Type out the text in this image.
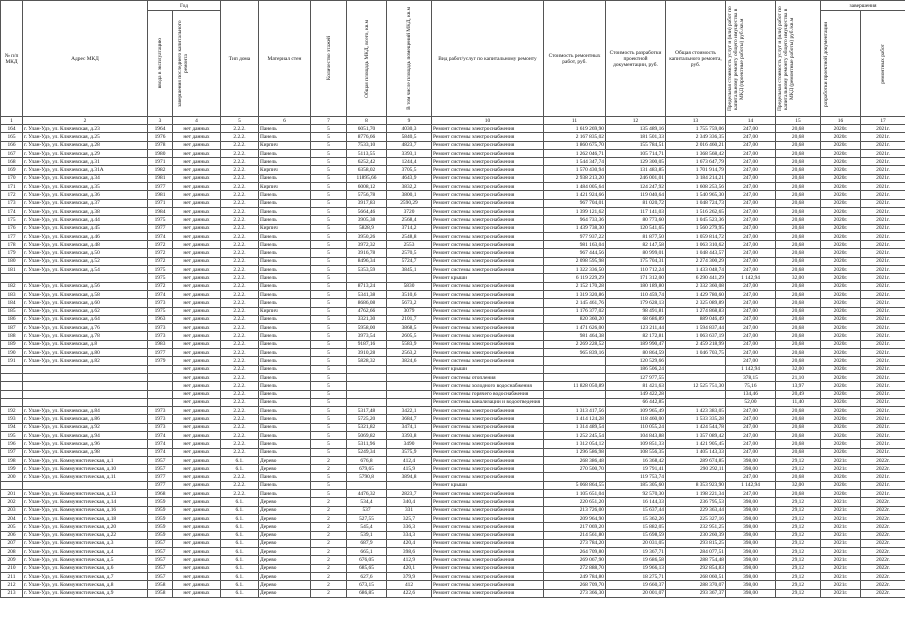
№ п/п МКД	Адрес МКД	Год		Тип дома	Материал стен	Количество этажей	Общая площадь МКД, всего, кв.м	В том числе площадь помещений МКД, кв.м	Вид работ/услуг по капитальному ремонту	Стоимость ремонтных работ, руб.	Стоимость разработки проектной документации, руб.	Общая стоимость капитального ремонта, руб.	Предельная стоимость услуг и (или) работ по капитальному ремонту общего имущества в МКД (проектные работы) руб./кв.м	Предельная стоимость услуг и (или) работ по капитальному ремонту общего имущества в МКД (ремонтные работы) руб./кв.м	завершения	

		ввода в эксплуатацию	завершения последнего капитального ремонта												разработки проектной документации	ремонтных работ

1	2	3	4	5	6	7	8	9	10	11	12	13	14	15	16	17
164	г. Улан-Удэ, ул. Ключевская, д.23	1964	нет данных	2.2.2.	Панель	5	6051,70	4030,3	Ремонт системы электроснабжения	1 619 269,90	135 489,16	1 755 759,06	247,00	20,68	2020г.	2021г.
165	г. Улан-Удэ, ул. Ключевская, д.25	1976	нет данных	2.2.2.	Панель	5	8776,66	5840,5	Ремонт системы электроснабжения	2 167 835,02	181 501,33	2 349 336,35	247,00	20,68	2020г.	2021г.
166	г. Улан-Удэ, ул. Ключевская, д.28	1978	нет данных	2.2.2.	Кирпич	5	7533,10	4823,7	Ремонт системы электроснабжения	1 860 675,70	155 784,51	2 016 460,21	247,00	20,68	2020г.	2021г.
167	г. Улан-Удэ, ул. Ключевская, д.29	1980	нет данных	2.2.2.	Панель	5	5113,55	3393,1	Ремонт системы электроснабжения	1 262 046,71	105 714,71	1 368 568,42	247,00	20,68	2020г.	2021г.
168	г. Улан-Удэ, ул. Ключевская, д.31	1971	нет данных	2.2.2.	Панель	5	6252,42	1244,4	Ремонт системы электроснабжения	1 544 347,74	129 300,05	1 673 647,79	247,00	20,68	2020г.	2021г.
169	г. Улан-Удэ, ул. Ключевская, д.31А	1982	нет данных	2.2.2.	Кирпич	5	6358,02	3705,5	Ремонт системы электроснабжения	1 570 430,94	131 483,85	1 701 914,79	247,00	20,68	2020г.	2021г.
170	г. Улан-Удэ, ул. Ключевская, д.34	1981	нет данных	2.2.2.	Панель	5	11895,66	4643,9	Ремонт системы электроснабжения	2 938 213,20	246 001,01	3 184 214,21	247,00	20,68	2020г.	2021г.
171	г. Улан-Удэ, ул. Ключевская, д.35	1977	нет данных	2.2.2.	Кирпич	5	6008,12	3832,2	Ремонт системы электроснабжения	1 484 005,64	124 247,92	1 608 253,56	247,00	20,68	2020г.	2021г.
172	г. Улан-Удэ, ул. Ключевская, д.36	1981	нет данных	2.2.2.	Панель	5	5756,78	3800,1	Ремонт системы электроснабжения	1 421 924,66	119 040,64	1 540 965,30	247,00	20,68	2020г.	2021г.
173	г. Улан-Удэ, ул. Ключевская, д.37	1971	нет данных	2.2.2.	Панель	5	3917,83	2590,29	Ремонт системы электроснабжения	967 704,01	81 020,72	1 048 724,73	247,00	20,68	2020г.	2021г.
174	г. Улан-Удэ, ул. Ключевская, д.38	1984	нет данных	2.2.2.	Панель	5	5664,46	3720	Ремонт системы электроснабжения	1 399 121,62	117 141,03	1 516 262,65	247,00	20,68	2020г.	2021г.
175	г. Улан-Удэ, ул. Ключевская, д.44	1975	нет данных	2.2.2.	Панель	5	3905,38	2568,4	Ремонт системы электроснабжения	964 733,36	80 773,60	1 045 523,36	247,00	20,68	2020г.	2021г.
176	г. Улан-Удэ, ул. Ключевская, д.45	1977	нет данных	2.2.2.	Кирпич	5	5828,9	3714,2	Ремонт системы электроснабжения	1 439 738,30	120 541,65	1 560 279,95	247,00	20,68	2020г.	2021г.
177	г. Улан-Удэ, ул. Ключевская, д.46	1974	нет данных	2.2.2.	Панель	5	3950,26	2548,8	Ремонт системы электроснабжения	977 937,22	81 877,50	1 059 814,72	247,00	20,68	2020г.	2021г.
178	г. Улан-Удэ, ул. Ключевская, д.48	1972	нет данных	2.2.2.	Панель	5	3972,32	2553	Ремонт системы электроснабжения	981 163,04	82 147,58	1 063 310,62	247,00	20,68	2020г.	2021г.
179	г. Улан-Удэ, ул. Ключевская, д.50	1972	нет данных	2.2.2.	Панель	5	3916,78	2570,5	Ремонт системы электроснабжения	967 444,56	80 999,01	1 048 443,57	247,00	20,68	2020г.	2021г.
180	г. Улан-Удэ, ул. Ключевская, д.52	1972	нет данных	2.2.2.	Панель	5	8496,34	5724,7	Ремонт системы электроснабжения	2 098 595,98	175 704,31	2 274 300,29	247,00	20,68	2020г.	2021г.
181	г. Улан-Удэ, ул. Ключевская, д.54	1975	нет данных	2.2.2.	Панель	5	5353,59	3845,1	Ремонт системы электроснабжения	1 322 336,50	110 712,24	1 433 048,74	247,00	20,68	2020г.	2021г.
		1975	нет данных	2.2.2.	Панель	5			Ремонт крыши	6 119 229,29	171 312,00	6 290 441,29	1 142,94	32,00	2020г.	2021г.
182	г. Улан-Удэ, ул. Ключевская, д.56	1972	нет данных	2.2.2.	Панель	5	8713,24	5830	Ремонт системы электроснабжения	2 152 170,28	180 189,80	2 332 360,08	247,00	20,68	2020г.	2021г.
183	г. Улан-Удэ, ул. Ключевская, д.58	1974	нет данных	2.2.2.	Панель	5	5341,38	3510,6	Ремонт системы электроснабжения	1 319 320,86	110 459,74	1 429 780,60	247,00	20,68	2020г.	2021г.
184	г. Улан-Удэ, ул. Ключевская, д.60	1973	нет данных	2.2.2.	Панель	5	8686,08	5673,2	Ремонт системы электроснабжения	2 145 461,76	179 628,13	2 325 089,89	247,00	20,68	2020г.	2021г.
185	г. Улан-Удэ, ул. Ключевская, д.62	1975	нет данных	2.2.2.	Кирпич	5	4762,66	3079	Ремонт системы электроснабжения	1 176 377,02	98 491,81	1 274 868,83	247,00	20,68	2020г.	2021г.
186	г. Улан-Удэ, ул. Ключевская, д.64	1963	нет данных	2.2.2.	Панель	5	3321,30	2101,7	Ремонт системы электроснабжения	820 360,20	68 686,89	889 046,49	247,00	20,68	2020г.	2021г.
187	г. Улан-Удэ, ул. Ключевская, д.76	1973	нет данных	2.2.2.	Панель	5	5958,00	3868,5	Ремонт системы электроснабжения	1 471 626,00	123 211,44	1 594 837,44	247,00	20,68	2020г.	2021г.
188	г. Улан-Удэ, ул. Ключевская, д.78	1973	нет данных	2.2.2.	Панель	5	3973,54	2605,5	Ремонт системы электроснабжения	981 464,38	82 172,81	1 063 637,19	247,00	20,68	2020г.	2021г.
189	г. Улан-Удэ, ул. Ключевская, д.8	1983	нет данных	2.2.2.	Панель	5	9187,16	5583,9	Ремонт системы электроснабжения	2 269 228,52	189 990,47	2 459 218,99	247,00	20,68	2020г.	2021г.
190	г. Улан-Удэ, ул. Ключевская, д.80	1977	нет данных	2.2.2.	Панель	5	3910,28	2563,2	Ремонт системы электроснабжения	965 839,16	80 864,59	1 046 703,75	247,00	20,68	2020г.	2021г.
191	г. Улан-Удэ, ул. Ключевская, д.82	1979	нет данных	2.2.2.	Панель	5	5828,32	3824,6	Ремонт системы электроснабжения		120 529,66		247,00	20,68	2020г.	2021г.
			нет данных	2.2.2.	Панель	5			Ремонт крыши		186 506,24		1 142,94	32,00	2020г.	2021г.
			нет данных	2.2.2.	Панель	5			Ремонт системы отопления		127 977,55		378,15	21,10	2020г.	2021г.
			нет данных	2.2.2.	Панель	5			Ремонт системы холодного водоснабжения	11 828 050,89	81 421,63	12 525 751,30	75,16	13,97	2020г.	2021г.
			нет данных	2.2.2.	Панель	5			Ремонт системы горячего водоснабжения		149 422,28		134,46	20,49	2020г.	2021г.
			нет данных	2.2.2.	Панель	5			Ремонт системы канализации и водоотведения		66 442,85		52,00	11,40	2020г.	2021г.
192	г. Улан-Удэ, ул. Ключевская, д.84	1973	нет данных	2.2.2.	Панель	5	5317,48	3422,1	Ремонт системы электроснабжения	1 313 417,56	109 965,49	1 423 383,05	247,00	20,68	2020г.	2021г.
193	г. Улан-Удэ, ул. Ключевская, д.86	1973	нет данных	2.2.2.	Панель	5	5725,20	3684,7	Ремонт системы электроснабжения	1 414 124,28	118 460,00	1 533 335,28	247,00	20,68	2020г.	2021г.
194	г. Улан-Удэ, ул. Ключевская, д.92	1973	нет данных	2.2.2.	Панель	5	5321,82	3474,1	Ремонт системы электроснабжения	1 314 489,54	110 055,24	1 424 544,78	247,00	20,68	2020г.	2021г.
195	г. Улан-Удэ, ул. Ключевская, д.94	1974	нет данных	2.2.2.	Панель	5	5069,82	3393,8	Ремонт системы электроснабжения	1 252 245,54	104 843,88	1 357 089,42	247,00	20,68	2020г.	2021г.
196	г. Улан-Удэ, ул. Ключевская, д.96	1974	нет данных	2.2.2.	Панель	5	5311,96	3490	Ремонт системы электроснабжения	1 312 054,12	109 851,33	1 421 905,45	247,00	20,68	2020г.	2021г.
197	г. Улан-Удэ, ул. Ключевская, д.98	1974	нет данных	2.2.2.	Панель	5	5249,34	3575,9	Ремонт системы электроснабжения	1 296 586,98	108 556,35	1 405 143,33	247,00	20,68	2020г.	2021г.
198	г. Улан-Удэ, ул. Коммунистическая, д.1	1957	нет данных	6.1.	Дерево	2	676,8	412,4	Ремонт системы электроснабжения	268 386,48	16 368,42	289 674,85	398,00	29,12	2021г.	2022г.
199	г. Улан-Удэ, ул. Коммунистическая, д.10	1957	нет данных	6.1.	Дерево	2	679,65	415,9	Ремонт системы электроснабжения	270 500,70	19 791,41	290 292,11	398,00	29,12	2021г.	2022г.
200	г. Улан-Удэ, ул. Коммунистическая, д.11	1977	нет данных	2.2.2.	Панель	5	5790,8	3894,8	Ремонт системы электроснабжения		119 753,74		247,00	20,68	2020г.	2021г.
		1977	нет данных	2.2.2.	Панель	5			Ремонт крыши	5 068 864,55	185 305,60	8 353 923,90	1 142,94	32,00	2020г.	2021г.
201	г. Улан-Удэ, ул. Коммунистическая, д.13	1968	нет данных	2.2.2.	Панель	5	4476,32	2823,7	Ремонт системы электроснабжения	1 105 651,04	92 570,30	1 198 221,34	247,00	20,68	2020г.	2021г.
202	г. Улан-Удэ, ул. Коммунистическая, д.14	1959	нет данных	6.1.	Дерево	2	534,4	340,4	Ремонт системы электроснабжения	220 651,20	16 144,33	236 795,53	398,00	29,12	2021г.	2022г.
203	г. Улан-Удэ, ул. Коммунистическая, д.16	1959	нет данных	6.1.	Дерево	2	537	331	Ремонт системы электроснабжения	213 726,00	15 637,44	229 363,44	398,00	29,12	2021г.	2022г.
204	г. Улан-Удэ, ул. Коммунистическая, д.18	1959	нет данных	6.1.	Дерево	2	527,55	325,7	Ремонт системы электроснабжения	209 964,90	15 362,26	225 327,16	398,00	29,12	2021г.	2022г.
205	г. Улан-Удэ, ул. Коммунистическая, д.20	1959	нет данных	6.1.	Дерево	2	545,4	336,3	Ремонт системы электроснабжения	217 069,20	15 882,05	232 951,25	398,00	29,12	2021г.	2022г.
206	г. Улан-Удэ, ул. Коммунистическая, д.22	1959	нет данных	6.1.	Дерево	2	539,1	334,3	Ремонт системы электроснабжения	214 561,80	15 698,59	230 260,39	398,00	29,12	2021г.	2022г.
207	г. Улан-Удэ, ул. Коммунистическая, д.3	1957	нет данных	6.1.	Дерево	2	687,9	420,4	Ремонт системы электроснабжения	273 784,20	20 031,05	293 815,25	398,00	29,12	2021г.	2022г.
208	г. Улан-Удэ, ул. Коммунистическая, д.4	1957	нет данных	6.1.	Дерево	2	665,1	398,6	Ремонт системы электроснабжения	264 709,80	19 367,71	284 077,51	398,00	29,12	2021г.	2022г.
209	г. Улан-Удэ, ул. Коммунистическая, д.5	1957	нет данных	6.1.	Дерево	2	676,05	412,9	Ремонт системы электроснабжения	269 067,90	19 686,58	288 754,48	398,00	29,12	2021г.	2022г.
210	г. Улан-Удэ, ул. Коммунистическая, д.6	1957	нет данных	6.1.	Дерево	2	685,65	420,1	Ремонт системы электроснабжения	272 888,70	19 966,13	292 854,83	398,00	29,12	2021г.	2022г.
211	г. Улан-Удэ, ул. Коммунистическая, д.7	1957	нет данных	6.1.	Дерево	2	627,6	379,9	Ремонт системы электроснабжения	249 784,80	18 275,71	268 060,51	398,00	29,12	2021г.	2022г.
212	г. Улан-Удэ, ул. Коммунистическая, д.8	1958	нет данных	6.1.	Дерево	2	673,15	412	Ремонт системы электроснабжения	268 709,70	19 660,37	288 370,07	398,00	29,12	2021г.	2022г.
213	г. Улан-Удэ, ул. Коммунистическая, д.9	1958	нет данных	6.1.	Дерево	2	686,85	422,6	Ремонт системы электроснабжения	273 366,30	20 001,07	293 367,37	398,00	29,12	2021г.	2022г.
